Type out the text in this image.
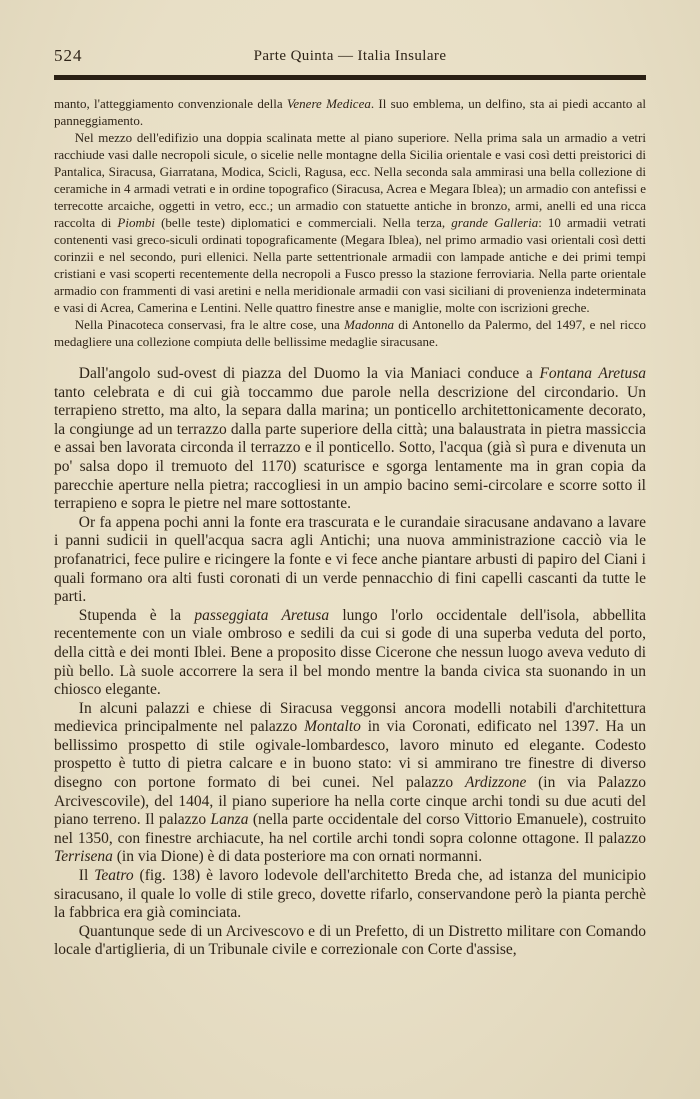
524	Parte Quinta — Italia Insulare

manto, l'atteggiamento convenzionale della Venere Medicea. Il suo emblema, un delfino, sta ai piedi accanto al panneggiamento.

Nel mezzo dell'edifizio una doppia scalinata mette al piano superiore. Nella prima sala un armadio a vetri racchiude vasi dalle necropoli sicule, o sicelie nelle montagne della Sicilia orientale e vasi così detti preistorici di Pantalica, Siracusa, Giarratana, Modica, Scicli, Ragusa, ecc. Nella seconda sala ammirasi una bella collezione di ceramiche in 4 armadi vetrati e in ordine topografico (Siracusa, Acrea e Megara Iblea); un armadio con antefissi e terrecotte arcaiche, oggetti in vetro, ecc.; un armadio con statuette antiche in bronzo, armi, anelli ed una ricca raccolta di Piombi (belle teste) diplomatici e commerciali. Nella terza, grande Galleria: 10 armadii vetrati contenenti vasi greco-siculi ordinati topograficamente (Megara Iblea), nel primo armadio vasi orientali così detti corinzii e nel secondo, puri ellenici. Nella parte settentrionale armadii con lampade antiche e dei primi tempi cristiani e vasi scoperti recentemente della necropoli a Fusco presso la stazione ferroviaria. Nella parte orientale armadio con frammenti di vasi aretini e nella meridionale armadii con vasi siciliani di provenienza indeterminata e vasi di Acrea, Camerina e Lentini. Nelle quattro finestre anse e maniglie, molte con iscrizioni greche.

Nella Pinacoteca conservasi, fra le altre cose, una Madonna di Antonello da Palermo, del 1497, e nel ricco medagliere una collezione compiuta delle bellissime medaglie siracusane.

Dall'angolo sud-ovest di piazza del Duomo la via Maniaci conduce a Fontana Aretusa tanto celebrata e di cui già toccammo due parole nella descrizione del circondario. Un terrapieno stretto, ma alto, la separa dalla marina; un ponticello architettonicamente decorato, la congiunge ad un terrazzo dalla parte superiore della città; una balaustrata in pietra massiccia e assai ben lavorata circonda il terrazzo e il ponticello. Sotto, l'acqua (già sì pura e divenuta un po' salsa dopo il tremuoto del 1170) scaturisce e sgorga lentamente ma in gran copia da parecchie aperture nella pietra; raccogliesi in un ampio bacino semi-circolare e scorre sotto il terrapieno e sopra le pietre nel mare sottostante.

Or fa appena pochi anni la fonte era trascurata e le curandaie siracusane andavano a lavare i panni sudicii in quell'acqua sacra agli Antichi; una nuova amministrazione cacciò via le profanatrici, fece pulire e ricingere la fonte e vi fece anche piantare arbusti di papiro del Ciani i quali formano ora alti fusti coronati di un verde pennacchio di fini capelli cascanti da tutte le parti.

Stupenda è la passeggiata Aretusa lungo l'orlo occidentale dell'isola, abbellita recentemente con un viale ombroso e sedili da cui si gode di una superba veduta del porto, della città e dei monti Iblei. Bene a proposito disse Cicerone che nessun luogo aveva veduto di più bello. Là suole accorrere la sera il bel mondo mentre la banda civica sta suonando in un chiosco elegante.

In alcuni palazzi e chiese di Siracusa veggonsi ancora modelli notabili d'architettura medievica principalmente nel palazzo Montalto in via Coronati, edificato nel 1397. Ha un bellissimo prospetto di stile ogivale-lombardesco, lavoro minuto ed elegante. Codesto prospetto è tutto di pietra calcare e in buono stato: vi si ammirano tre finestre di diverso disegno con portone formato di bei cunei. Nel palazzo Ardizzone (in via Palazzo Arcivescovile), del 1404, il piano superiore ha nella corte cinque archi tondi su due acuti del piano terreno. Il palazzo Lanza (nella parte occidentale del corso Vittorio Emanuele), costruito nel 1350, con finestre archiacute, ha nel cortile archi tondi sopra colonne ottagone. Il palazzo Terrisena (in via Dione) è di data posteriore ma con ornati normanni.

Il Teatro (fig. 138) è lavoro lodevole dell'architetto Breda che, ad istanza del municipio siracusano, il quale lo volle di stile greco, dovette rifarlo, conservandone però la pianta perchè la fabbrica era già cominciata.

Quantunque sede di un Arcivescovo e di un Prefetto, di un Distretto militare con Comando locale d'artiglieria, di un Tribunale civile e correzionale con Corte d'assise,
